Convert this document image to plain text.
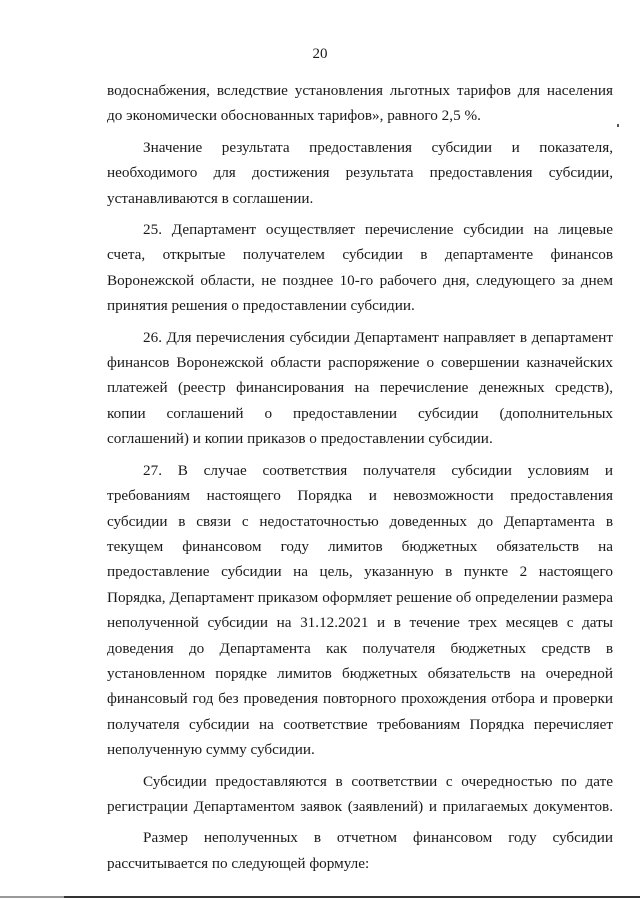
20
водоснабжения, вследствие установления льготных тарифов для населения
до экономически обоснованных тарифов», равного 2,5 %.
Значение результата предоставления субсидии и показателя,
необходимого для достижения результата предоставления субсидии,
устанавливаются в соглашении.
25. Департамент осуществляет перечисление субсидии на лицевые
счета, открытые получателем субсидии в департаменте финансов
Воронежской области, не позднее 10-го рабочего дня, следующего за днем
принятия решения о предоставлении субсидии.
26. Для перечисления субсидии Департамент направляет в департамент
финансов Воронежской области распоряжение о совершении казначейских
платежей (реестр финансирования на перечисление денежных средств),
копии соглашений о предоставлении субсидии (дополнительных
соглашений) и копии приказов о предоставлении субсидии.
27. В случае соответствия получателя субсидии условиям и
требованиям настоящего Порядка и невозможности предоставления
субсидии в связи с недостаточностью доведенных до Департамента в
текущем финансовом году лимитов бюджетных обязательств на
предоставление субсидии на цель, указанную в пункте 2 настоящего
Порядка, Департамент приказом оформляет решение об определении размера
неполученной субсидии на 31.12.2021 и в течение трех месяцев с даты
доведения до Департамента как получателя бюджетных средств в
установленном порядке лимитов бюджетных обязательств на очередной
финансовый год без проведения повторного прохождения отбора и проверки
получателя субсидии на соответствие требованиям Порядка перечисляет
неполученную сумму субсидии.
Субсидии предоставляются в соответствии с очередностью по дате
регистрации Департаментом заявок (заявлений) и прилагаемых документов.
Размер неполученных в отчетном финансовом году субсидии
рассчитывается по следующей формуле:
